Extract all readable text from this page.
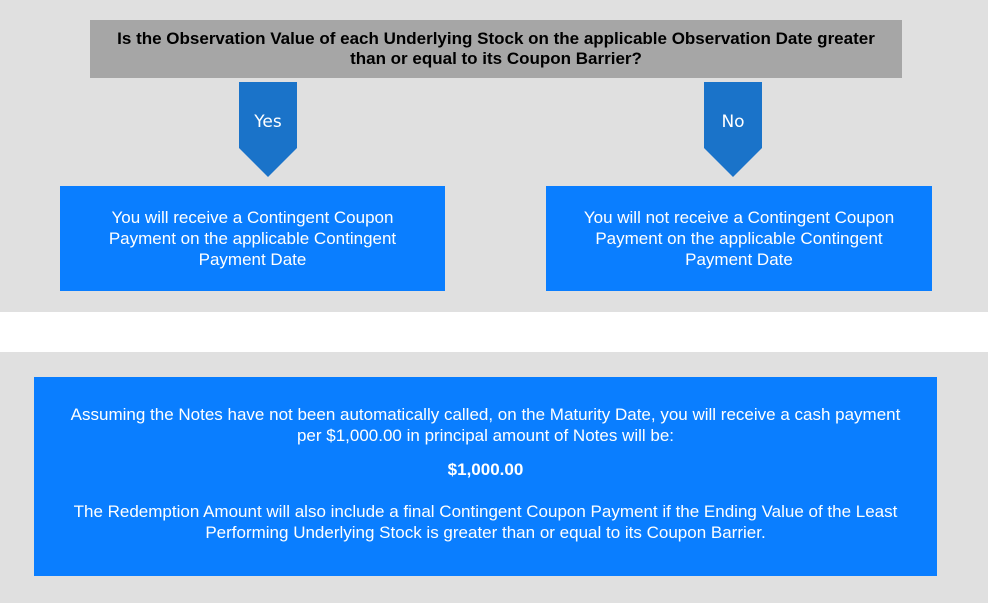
Is the Observation Value of each Underlying Stock on the applicable Observation Date greater than or equal to its Coupon Barrier?
Yes	No
You will receive a Contingent Coupon Payment on the applicable Contingent Payment Date
You will not receive a Contingent Coupon Payment on the applicable Contingent Payment Date

Assuming the Notes have not been automatically called, on the Maturity Date, you will receive a cash payment per $1,000.00 in principal amount of Notes will be:

$1,000.00

The Redemption Amount will also include a final Contingent Coupon Payment if the Ending Value of the Least Performing Underlying Stock is greater than or equal to its Coupon Barrier.
